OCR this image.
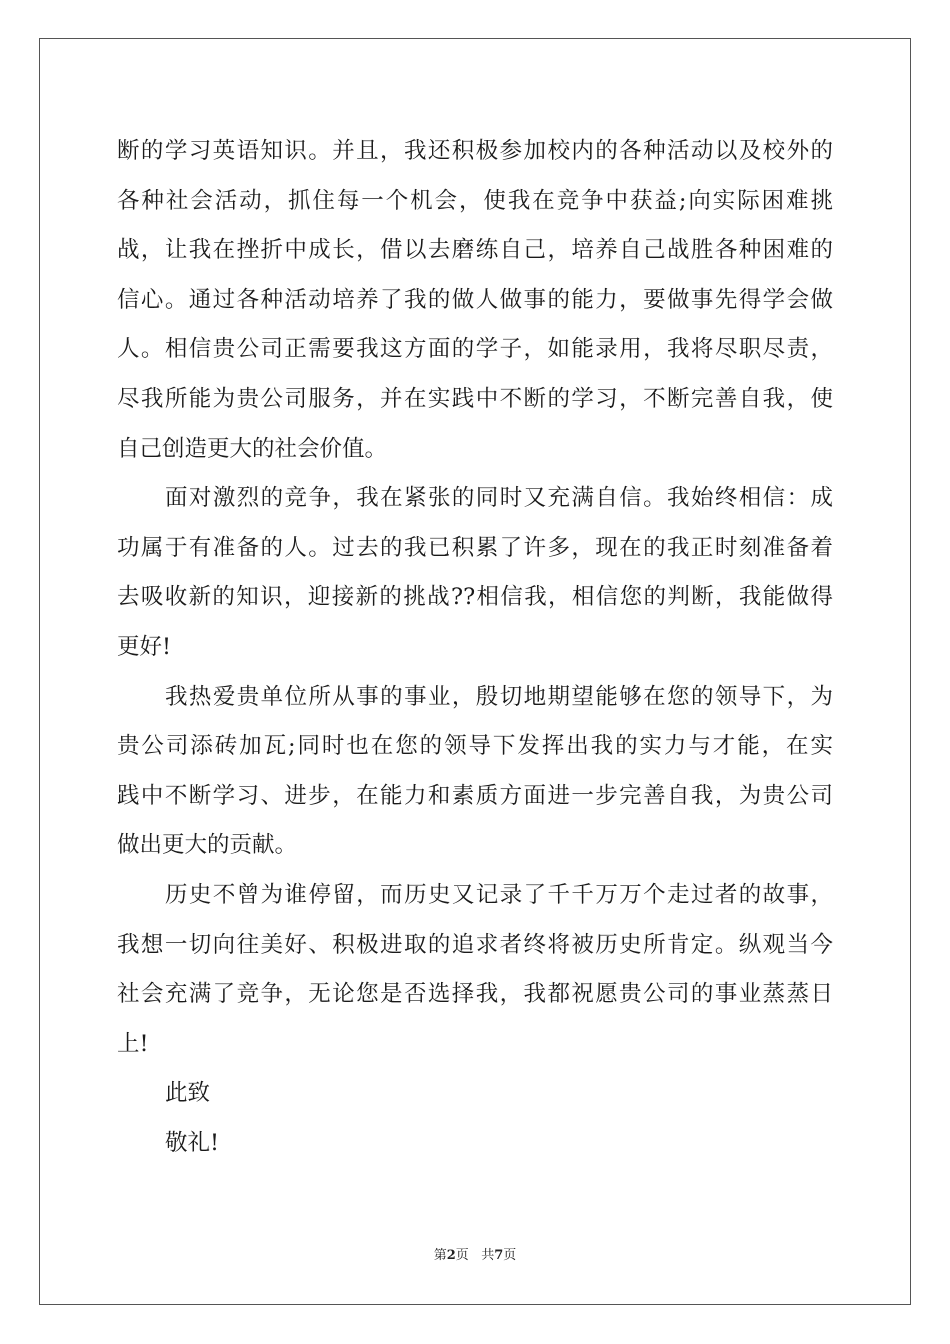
断的学习英语知识。并且，我还积极参加校内的各种活动以及校外的
各种社会活动，抓住每一个机会，使我在竞争中获益;向实际困难挑
战，让我在挫折中成长，借以去磨练自己，培养自己战胜各种困难的
信心。通过各种活动培养了我的做人做事的能力，要做事先得学会做
人。相信贵公司正需要我这方面的学子，如能录用，我将尽职尽责，
尽我所能为贵公司服务，并在实践中不断的学习，不断完善自我，使
自己创造更大的社会价值。
面对激烈的竞争，我在紧张的同时又充满自信。我始终相信：成
功属于有准备的人。过去的我已积累了许多，现在的我正时刻准备着
去吸收新的知识，迎接新的挑战??相信我，相信您的判断，我能做得
更好!
我热爱贵单位所从事的事业，殷切地期望能够在您的领导下，为
贵公司添砖加瓦;同时也在您的领导下发挥出我的实力与才能，在实
践中不断学习、进步，在能力和素质方面进一步完善自我，为贵公司
做出更大的贡献。
历史不曾为谁停留，而历史又记录了千千万万个走过者的故事，
我想一切向往美好、积极进取的追求者终将被历史所肯定。纵观当今
社会充满了竞争，无论您是否选择我，我都祝愿贵公司的事业蒸蒸日
上!
此致
敬礼!
第2页 共7页
